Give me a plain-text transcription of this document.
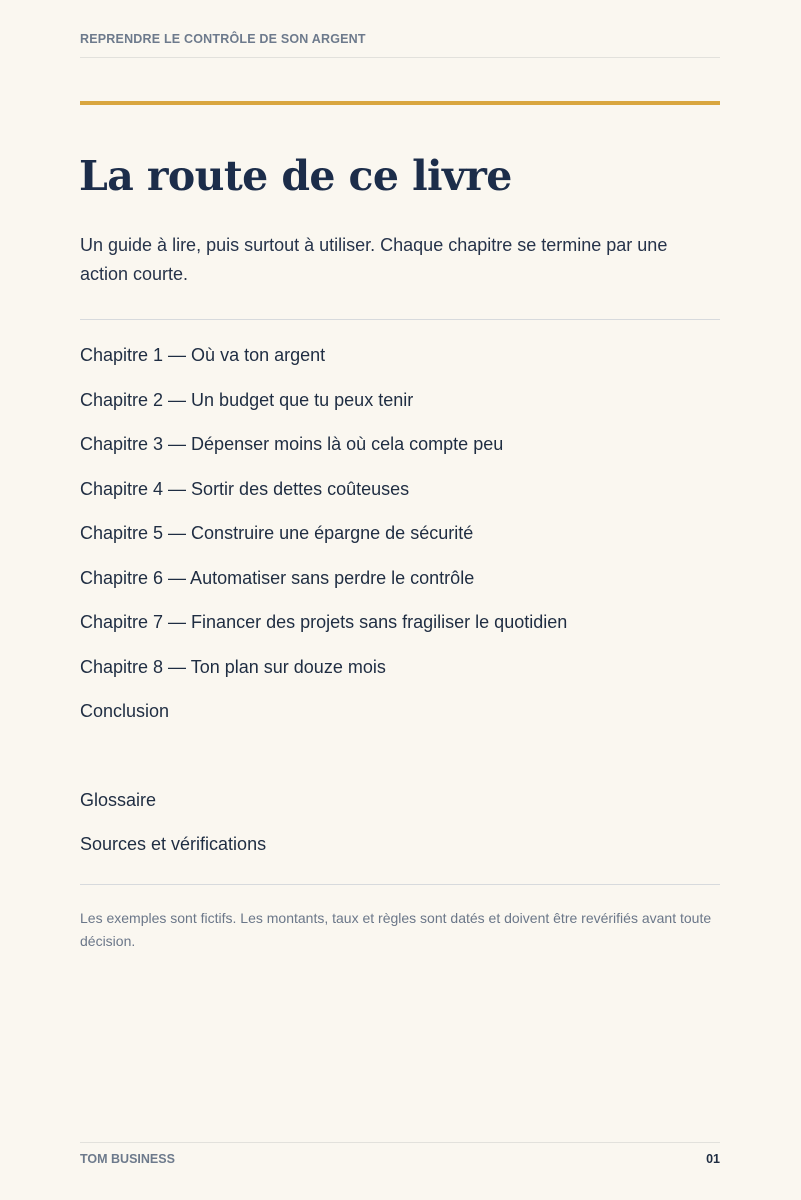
REPRENDRE LE CONTRÔLE DE SON ARGENT
La route de ce livre

Un guide à lire, puis surtout à utiliser. Chaque chapitre se termine par une action courte.

Chapitre 1 — Où va ton argent
Chapitre 2 — Un budget que tu peux tenir
Chapitre 3 — Dépenser moins là où cela compte peu
Chapitre 4 — Sortir des dettes coûteuses
Chapitre 5 — Construire une épargne de sécurité
Chapitre 6 — Automatiser sans perdre le contrôle
Chapitre 7 — Financer des projets sans fragiliser le quotidien
Chapitre 8 — Ton plan sur douze mois
Conclusion
Glossaire
Sources et vérifications

Les exemples sont fictifs. Les montants, taux et règles sont datés et doivent être revérifiés avant toute décision.

TOM BUSINESS	01
